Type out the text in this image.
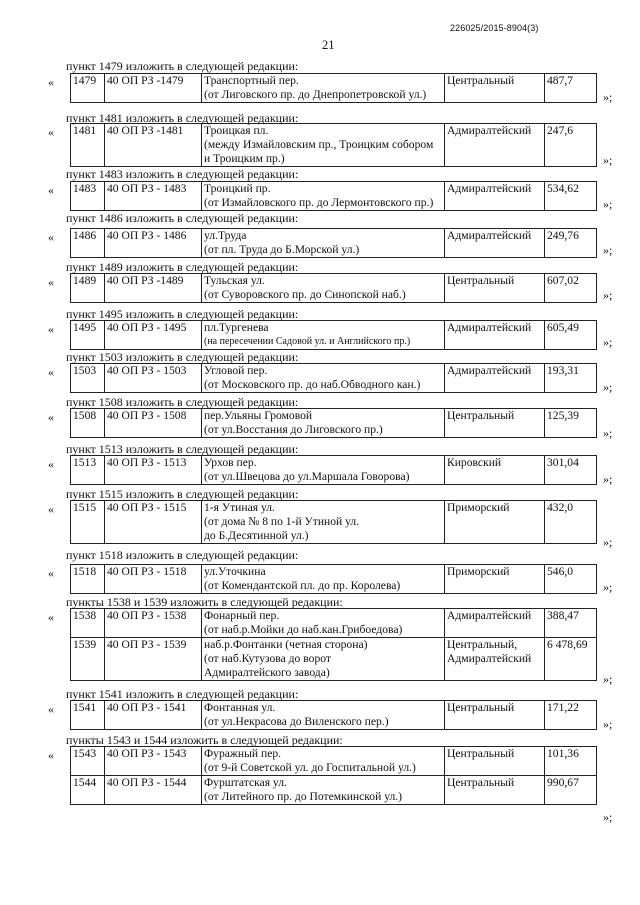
226025/2015-8904(3)
21
пункт 1479 изложить в следующей редакции:
« 1479	40 ОП РЗ -1479	Транспортный пер.
(от Лиговского пр. до Днепропетровской ул.)

Центральный	487,7
»;
пункт 1481 изложить в следующей редакции:
« 1481	40 ОП РЗ -1481	Троицкая пл.
(между Измайловским пр., Троицким собором
и Троицким пр.)

Адмиралтейский	247,6
»;
пункт 1483 изложить в следующей редакции:
« 1483	40 ОП РЗ - 1483	Троицкий пр.
(от Измайловского пр. до Лермонтовского пр.)

Адмиралтейский	534,62
»;
пункт 1486 изложить в следующей редакции:
« 1486	40 ОП РЗ - 1486	ул.Труда
(от пл. Труда до Б.Морской ул.)

Адмиралтейский	249,76
»;
пункт 1489 изложить в следующей редакции:
« 1489	40 ОП РЗ -1489	Тульская ул.
(от Суворовского пр. до Синопской наб.)

Центральный	607,02
»;
пункт 1495 изложить в следующей редакции:
« 1495	40 ОП РЗ - 1495	пл.Тургенева
(на пересечении Садовой ул. и Английского пр.)

Адмиралтейский	605,49
»;
пункт 1503 изложить в следующей редакции:
« 1503	40 ОП РЗ - 1503	Угловой пер.
(от Московского пр. до наб.Обводного кан.)

Адмиралтейский	193,31
»;
пункт 1508 изложить в следующей редакции:
« 1508	40 ОП РЗ - 1508	пер.Ульяны Громовой
(от ул.Восстания до Лиговского пр.)

Центральный	125,39
»;
пункт 1513 изложить в следующей редакции:
« 1513	40 ОП РЗ - 1513	Урхов пер.
(от ул.Швецова до ул.Маршала Говорова)

Кировский	301,04
»;
пункт 1515 изложить в следующей редакции:
« 1515	40 ОП РЗ - 1515	1-я Утиная ул.
(от дома № 8 по 1-й Утиной ул.
до Б.Десятинной ул.)

Приморский	432,0
»;
пункт 1518 изложить в следующей редакции:
« 1518	40 ОП РЗ - 1518	ул.Уточкина
(от Комендантской пл. до пр. Королева)

Приморский	546,0
»;
пункты 1538 и 1539 изложить в следующей редакции:
« 1538	40 ОП РЗ - 1538	Фонарный пер.
(от наб.р.Мойки до наб.кан.Грибоедова)	Адмиралтейский	388,47
1539	40 ОП РЗ - 1539	наб.р.Фонтанки (четная сторона)
(от наб.Кутузова до ворот
Адмиралтейского завода)	Центральный,
Адмиралтейский	6 478,69
»;
пункт 1541 изложить в следующей редакции:
« 1541	40 ОП РЗ - 1541	Фонтанная ул.
(от ул.Некрасова до Виленского пер.)

Центральный	171,22
»;
пункты 1543 и 1544 изложить в следующей редакции:
« 1543	40 ОП РЗ - 1543	Фуражный пер.
(от 9-й Советской ул. до Госпитальной ул.)	Центральный	101,36
1544	40 ОП РЗ - 1544	Фурштатская ул.
(от Литейного пр. до Потемкинской ул.)	Центральный	990,67
»;
